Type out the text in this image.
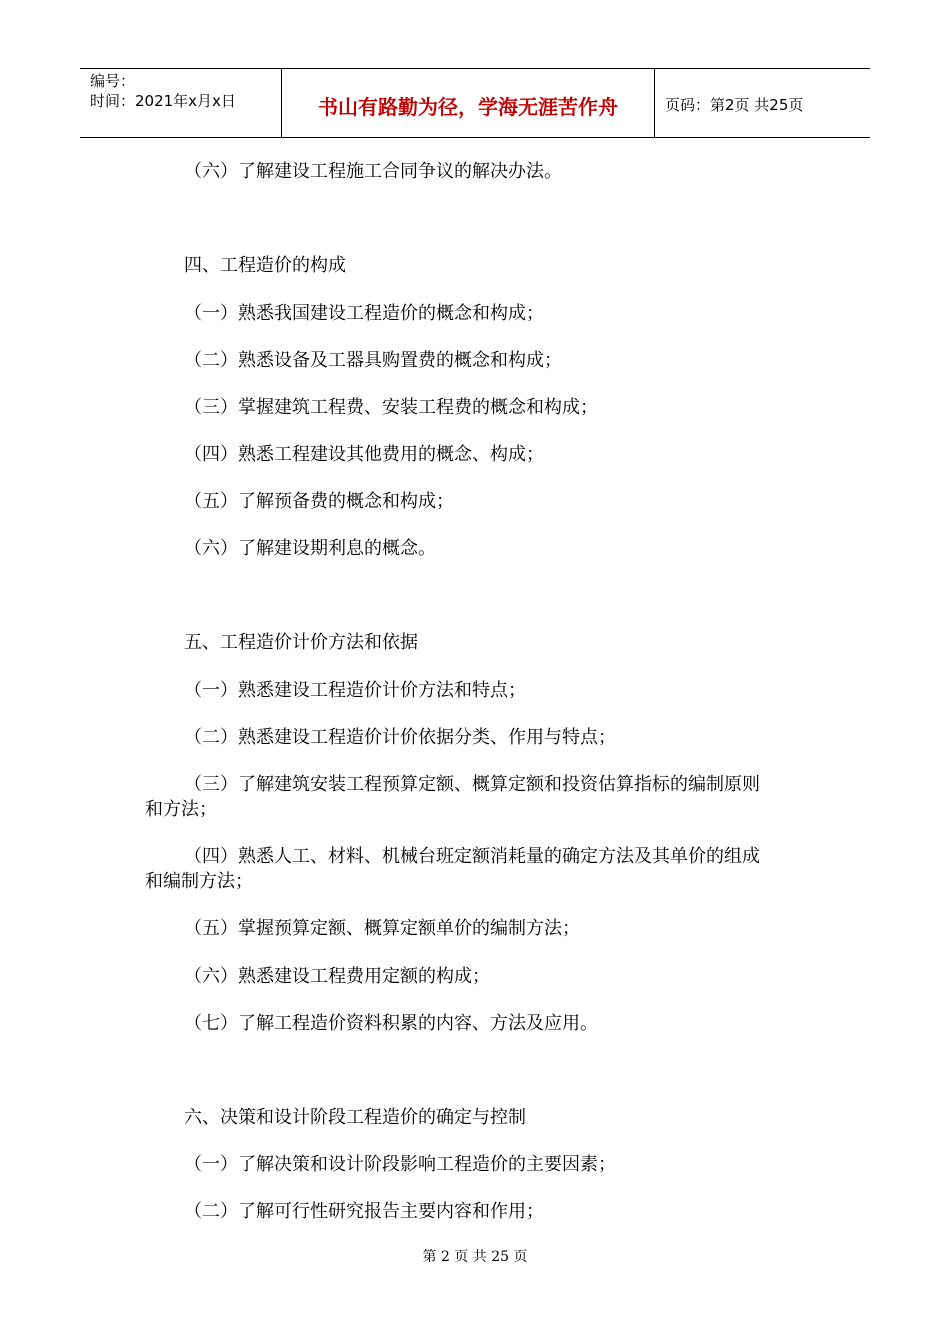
编号：
时间：2021年x月x日	书山有路勤为径，学海无涯苦作舟	页码：第2页 共25页
（六）了解建设工程施工合同争议的解决办法。
四、工程造价的构成
（一）熟悉我国建设工程造价的概念和构成；
（二）熟悉设备及工器具购置费的概念和构成；
（三）掌握建筑工程费、安装工程费的概念和构成；
（四）熟悉工程建设其他费用的概念、构成；
（五）了解预备费的概念和构成；
（六）了解建设期利息的概念。
五、工程造价计价方法和依据
（一）熟悉建设工程造价计价方法和特点；
（二）熟悉建设工程造价计价依据分类、作用与特点；
（三）了解建筑安装工程预算定额、概算定额和投资估算指标的编制原则
和方法；
（四）熟悉人工、材料、机械台班定额消耗量的确定方法及其单价的组成
和编制方法；
（五）掌握预算定额、概算定额单价的编制方法；
（六）熟悉建设工程费用定额的构成；
（七）了解工程造价资料积累的内容、方法及应用。
六、决策和设计阶段工程造价的确定与控制
（一）了解决策和设计阶段影响工程造价的主要因素；
（二）了解可行性研究报告主要内容和作用；
第 2 页 共 25 页
